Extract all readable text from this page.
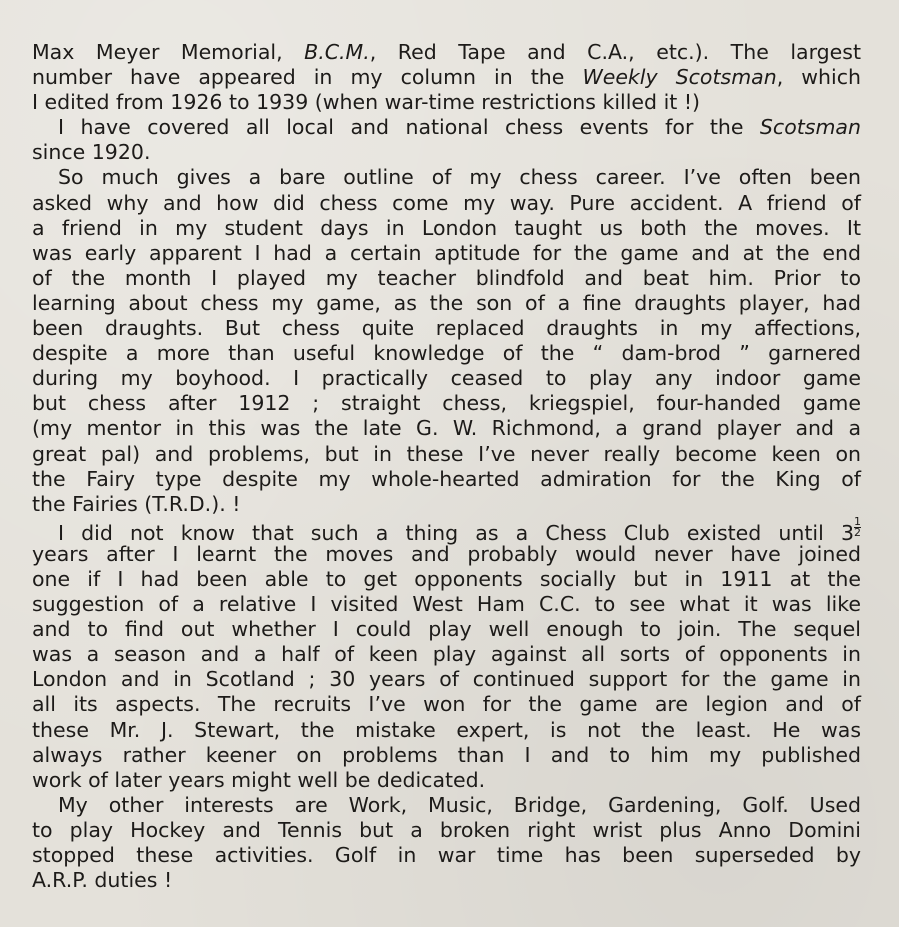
Max Meyer Memorial, B.C.M., Red Tape and C.A., etc.). The largest
number have appeared in my column in the Weekly Scotsman, which
I edited from 1926 to 1939 (when war-time restrictions killed it !)
I have covered all local and national chess events for the Scotsman
since 1920.
So much gives a bare outline of my chess career. I’ve often been
asked why and how did chess come my way. Pure accident. A friend of
a friend in my student days in London taught us both the moves. It
was early apparent I had a certain aptitude for the game and at the end
of the month I played my teacher blindfold and beat him. Prior to
learning about chess my game, as the son of a fine draughts player, had
been draughts. But chess quite replaced draughts in my affections,
despite a more than useful knowledge of the “ dam-brod ” garnered
during my boyhood. I practically ceased to play any indoor game
but chess after 1912 ; straight chess, kriegspiel, four-handed game
(my mentor in this was the late G. W. Richmond, a grand player and a
great pal) and problems, but in these I’ve never really become keen on
the Fairy type despite my whole-hearted admiration for the King of
the Fairies (T.R.D.). !
I did not know that such a thing as a Chess Club existed until $3 \frac{1}{2}$
years after I learnt the moves and probably would never have joined
one if I had been able to get opponents socially but in 1911 at the
suggestion of a relative I visited West Ham C.C. to see what it was like
and to find out whether I could play well enough to join. The sequel
was a season and a half of keen play against all sorts of opponents in
London and in Scotland ; 30 years of continued support for the game in
all its aspects. The recruits I’ve won for the game are legion and of
these Mr. J. Stewart, the mistake expert, is not the least. He was
always rather keener on problems than I and to him my published
work of later years might well be dedicated.
My other interests are Work, Music, Bridge, Gardening, Golf. Used
to play Hockey and Tennis but a broken right wrist plus Anno Domini
stopped these activities. Golf in war time has been superseded by
A.R.P. duties !
